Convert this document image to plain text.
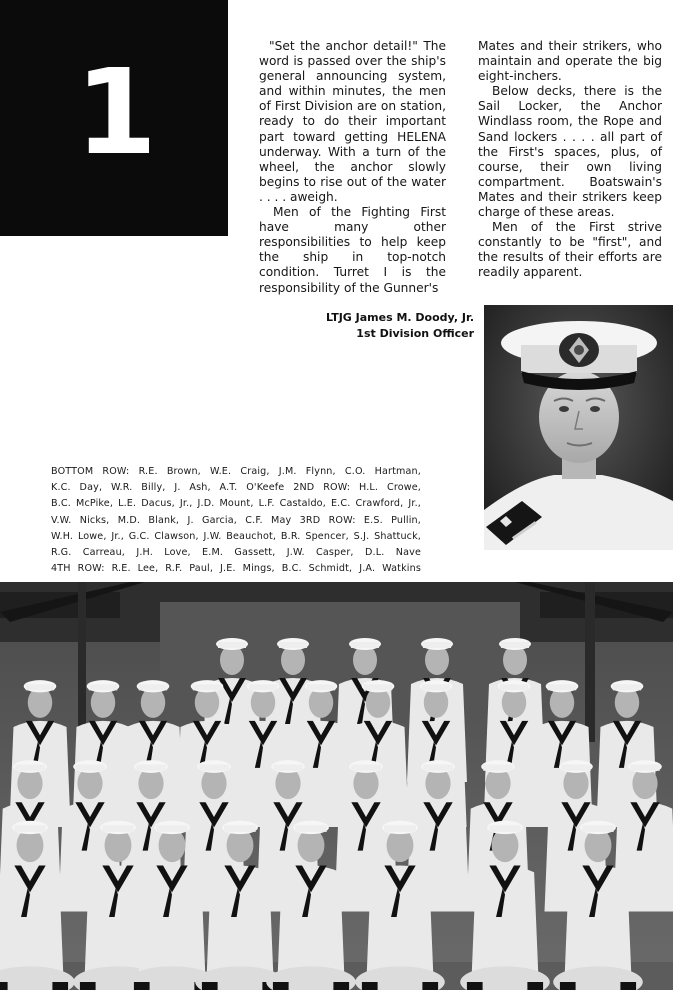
1	"Set the anchor detail!" The word is passed over the ship's general announcing system, and within minutes, the men of First Division are on station, ready to do their important part toward getting HELENA underway. With a turn of the wheel, the anchor slowly begins to rise out of the water . . . . aweigh.

Men of the Fighting First have many other responsibilities to help keep the ship in top-notch condition. Turret I is the responsibility of the Gunner's

Mates and their strikers, who maintain and operate the big eight-inchers.

Below decks, there is the Sail Locker, the Anchor Windlass room, the Rope and Sand lockers . . . . all part of the First's spaces, plus, of course, their own living compartment. Boatswain's Mates and their strikers keep charge of these areas.

Men of the First strive constantly to be "first", and the results of their efforts are readily apparent.

LTJG James M. Doody, Jr.
1st Division Officer
BOTTOM ROW: R.E. Brown, W.E. Craig, J.M. Flynn, C.O. Hartman,
K.C. Day, W.R. Billy, J. Ash, A.T. O'Keefe 2ND ROW: H.L. Crowe,
B.C. McPike, L.E. Dacus, Jr., J.D. Mount, L.F. Castaldo, E.C. Crawford, Jr.,
V.W. Nicks, M.D. Blank, J. Garcia, C.F. May 3RD ROW: E.S. Pullin,
W.H. Lowe, Jr., G.C. Clawson, J.W. Beauchot, B.R. Spencer, S.J. Shattuck,
R.G. Carreau, J.H. Love, E.M. Gassett, J.W. Casper, D.L. Nave
4TH ROW: R.E. Lee, R.F. Paul, J.E. Mings, B.C. Schmidt, J.A. Watkins
